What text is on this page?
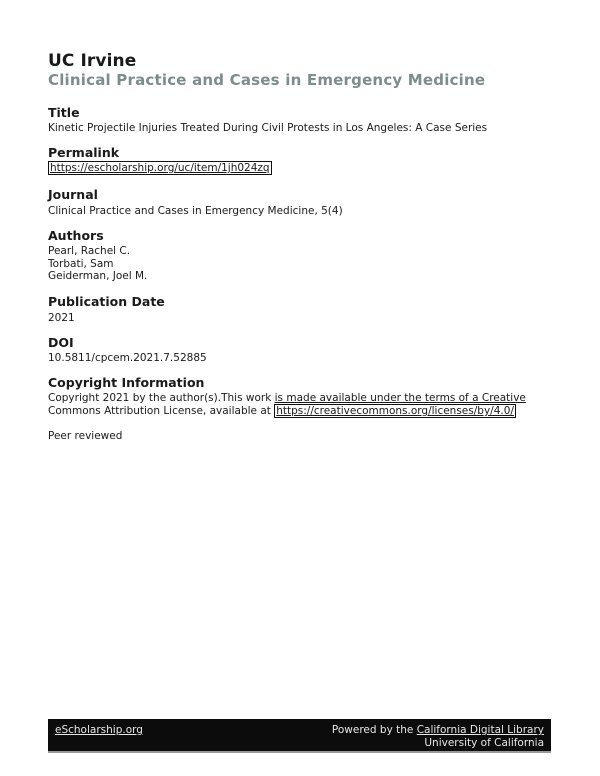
UC Irvine
Clinical Practice and Cases in Emergency Medicine
Title
Kinetic Projectile Injuries Treated During Civil Protests in Los Angeles: A Case Series
Permalink
https://escholarship.org/uc/item/1jh024zq
Journal
Clinical Practice and Cases in Emergency Medicine, 5(4)
Authors
Pearl, Rachel C.
Torbati, Sam
Geiderman, Joel M.
Publication Date
2021
DOI
10.5811/cpcem.2021.7.52885
Copyright Information
Copyright 2021 by the author(s).This work is made available under the terms of a Creative
Commons Attribution License, available at https://creativecommons.org/licenses/by/4.0/
Peer reviewed
eScholarship.org	Powered by the California Digital Library
University of California
